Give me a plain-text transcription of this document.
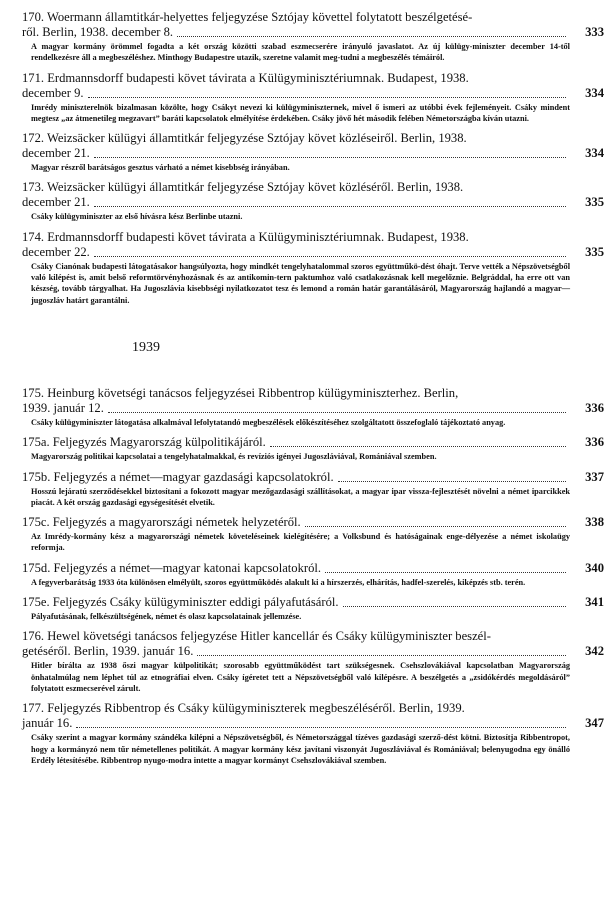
170. Woermann államtitkár-helyettes feljegyzése Sztójay követtel folytatott beszélgetésé-
ről. Berlin, 1938. december 8.	333
A magyar kormány örömmel fogadta a két ország közötti szabad eszmecserére irányuló javaslatot. Az új külügy-miniszter december 14-től rendelkezésre áll a megbeszéléshez. Minthogy Budapestre utazik, szeretne valamit meg-tudni a megbeszélés témáiról.
171. Erdmannsdorff budapesti követ távirata a Külügyminisztériumnak. Budapest, 1938.
december 9.	334
Imrédy miniszterelnök bizalmasan közölte, hogy Csákyt nevezi ki külügyminiszternek, mivel ő ismeri az utóbbi évek fejleményeit. Csáky mindent megtesz „az átmenetileg megzavart” baráti kapcsolatok elmélyítése érdekében. Csáky jövő hét második felében Németországba kíván utazni.
172. Weizsäcker külügyi államtitkár feljegyzése Sztójay követ közléseiről. Berlin, 1938.
december 21.	334
Magyar részről barátságos gesztus várható a német kisebbség irányában.
173. Weizsäcker külügyi államtitkár feljegyzése Sztójay követ közléséről. Berlin, 1938.
december 21.	335
Csáky külügyminiszter az első hívásra kész Berlinbe utazni.
174. Erdmannsdorff budapesti követ távirata a Külügyminisztériumnak. Budapest, 1938.
december 22.	335
Csáky Cianónak budapesti látogatásakor hangsúlyozta, hogy mindkét tengelyhatalommal szoros együttműkö-dést óhajt. Terve vették a Népszövetségből való kilépést is, amit belső reformtörvényhozásnak és az antikomin-tern paktumhoz való csatlakozásnak kell megelőznie. Belgráddal, ha erre ott van készség, tovább tárgyalhat. Ha Jugoszlávia kisebbségi nyilatkozatot tesz és lemond a román határ garantálásáról, Magyarország hajlandó a magyar—jugoszláv határt garantálni.
1939
175. Heinburg követségi tanácsos feljegyzései Ribbentrop külügyminiszterhez. Berlin,
1939. január 12.	336
Csáky külügyminiszter látogatása alkalmával lefolytatandó megbeszélések előkészítéséhez szolgáltatott összefoglaló tájékoztató anyag.
175a. Feljegyzés Magyarország külpolitikájáról.	336
Magyarország politikai kapcsolatai a tengelyhatalmakkal, és revíziós igényei Jugoszláviával, Romániával szemben.
175b. Feljegyzés a német—magyar gazdasági kapcsolatokról.	337
Hosszú lejáratú szerződésekkel biztosítani a fokozott magyar mezőgazdasági szállításokat, a magyar ipar vissza-fejlesztését növelni a német iparcikkek piacát. A két ország gazdasági egységesítését elvetik.
175c. Feljegyzés a magyarországi németek helyzetéről.	338
Az Imrédy-kormány kész a magyarországi németek követeléseinek kielégítésére; a Volksbund és hatóságainak enge-délyezése a német iskolaügy reformja.
175d. Feljegyzés a német—magyar katonai kapcsolatokról.	340
A fegyverbarátság 1933 óta különösen elmélyült, szoros együttműködés alakult ki a hírszerzés, elhárítás, hadfel-szerelés, kiképzés stb. terén.
175e. Feljegyzés Csáky külügyminiszter eddigi pályafutásáról.	341
Pályafutásának, felkészültségének, német és olasz kapcsolatainak jellemzése.
176. Hewel követségi tanácsos feljegyzése Hitler kancellár és Csáky külügyminiszter beszél-
getéséről. Berlin, 1939. január 16.	342
Hitler bírálta az 1938 őszi magyar külpolitikát; szorosabb együttműködést tart szükségesnek. Csehszlovákiával kapcsolatban Magyarország önhatalmúlag nem léphet túl az etnográfiai elven. Csáky ígéretet tett a Népszövetségből való kilépésre. A beszélgetés a „zsidókérdés megoldásáról” folytatott eszmecserével zárult.
177. Feljegyzés Ribbentrop és Csáky külügyminiszterek megbeszéléséről. Berlin, 1939.
január 16.	347
Csáky szerint a magyar kormány szándéka kilépni a Népszövetségből, és Németországgal tízéves gazdasági szerző-dést kötni. Biztosítja Ribbentropot, hogy a kormányzó nem tűr németellenes politikát. A magyar kormány kész javítani viszonyát Jugoszláviával és Romániával; belenyugodna egy önálló Erdély létesítésébe. Ribbentrop nyugo-modra intette a magyar kormányt Csehszlovákiával szemben.
